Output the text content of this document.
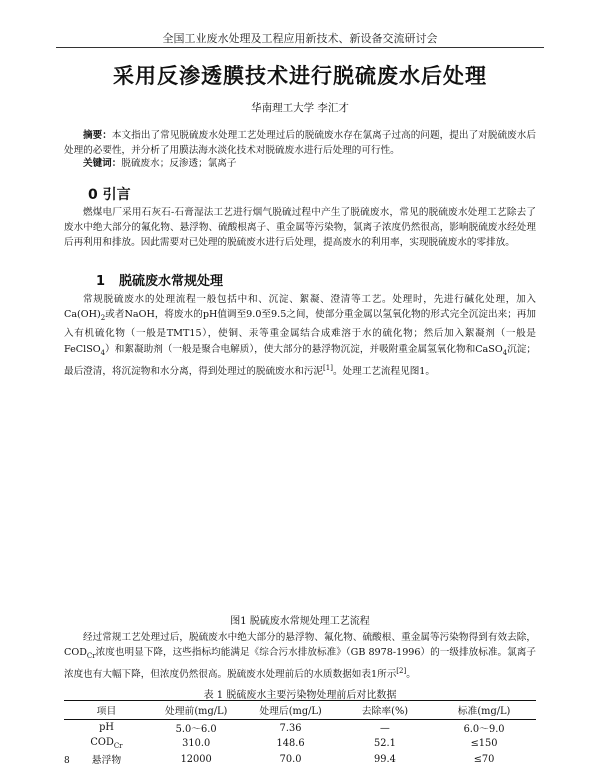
全国工业废水处理及工程应用新技术、新设备交流研讨会
采用反渗透膜技术进行脱硫废水后处理
华南理工大学 李汇才
摘要：本文指出了常见脱硫废水处理工艺处理过后的脱硫废水存在氯离子过高的问题，提出了对脱硫废水后处理的必要性，并分析了用膜法海水淡化技术对脱硫废水进行后处理的可行性。
关键词：脱硫废水；反渗透；氯离子
0 引言
燃煤电厂采用石灰石-石膏湿法工艺进行烟气脱硫过程中产生了脱硫废水，常见的脱硫废水处理工艺除去了废水中绝大部分的氟化物、悬浮物、硫酸根离子、重金属等污染物，氯离子浓度仍然很高，影响脱硫废水经处理后再利用和排放。因此需要对已处理的脱硫废水进行后处理，提高废水的利用率，实现脱硫废水的零排放。
1 脱硫废水常规处理
常规脱硫废水的处理流程一般包括中和、沉淀、絮凝、澄清等工艺。处理时，先进行碱化处理，加入$Ca(OH)_2$或者NaOH，将废水的pH值调至9.0至9.5之间，使部分重金属以氢氧化物的形式完全沉淀出来；再加入有机硫化物（一般是TMT15），使铜、汞等重金属结合成难溶于水的硫化物；然后加入絮凝剂（一般是FeClSO$_4$）和絮凝助剂（一般是聚合电解质），使大部分的悬浮物沉淀，并吸附重金属氢氧化物和CaSO$_4$沉淀；最后澄清，将沉淀物和水分离，得到处理过的脱硫废水和污泥[1]。处理工艺流程见图1。
图1 脱硫废水常规处理工艺流程
经过常规工艺处理过后，脱硫废水中绝大部分的悬浮物、氟化物、硫酸根、重金属等污染物得到有效去除，$COD_{Cr}$浓度也明显下降，这些指标均能满足《综合污水排放标准》（GB 8978-1996）的一级排放标准。氯离子浓度也有大幅下降，但浓度仍然很高。脱硫废水处理前后的水质数据如表1所示[2]。
表 1 脱硫废水主要污染物处理前后对比数据
项目	处理前(mg/L)	处理后(mg/L)	去除率(%)	标准(mg/L)
pH	5.0～6.0	7.36	—	6.0～9.0
$COD_{Cr}$	310.0	148.6	52.1	≤150
悬浮物	12000	70.0	99.4	≤70
8
